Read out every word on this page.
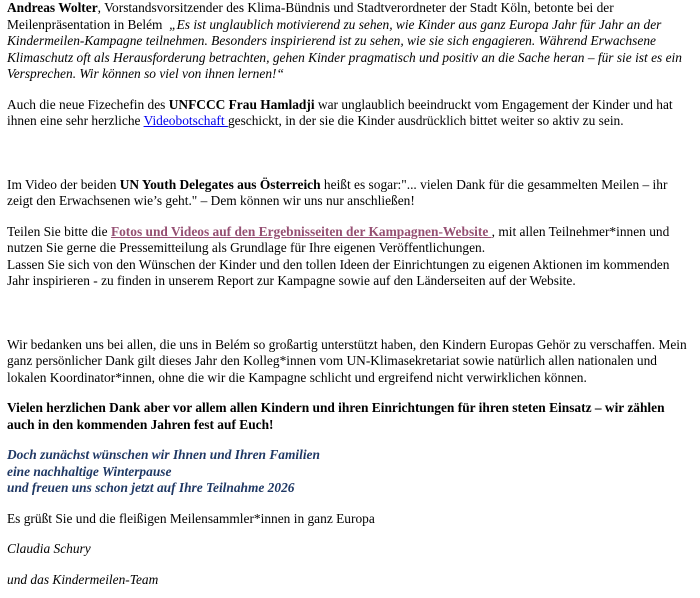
Andreas Wolter, Vorstandsvorsitzender des Klima-Bündnis und Stadtverordneter der Stadt Köln, betonte bei der Meilenpräsentation in Belém  „Es ist unglaublich motivierend zu sehen, wie Kinder aus ganz Europa Jahr für Jahr an der Kindermeilen-Kampagne teilnehmen. Besonders inspirierend ist zu sehen, wie sie sich engagieren. Während Erwachsene Klimaschutz oft als Herausforderung betrachten, gehen Kinder pragmatisch und positiv an die Sache heran – für sie ist es ein Versprechen. Wir können so viel von ihnen lernen!“

Auch die neue Fizechefin des UNFCCC Frau Hamladji war unglaublich beeindruckt vom Engagement der Kinder und hat ihnen eine sehr herzliche Videobotschaft geschickt, in der sie die Kinder ausdrücklich bittet weiter so aktiv zu sein.

Im Video der beiden UN Youth Delegates aus Österreich heißt es sogar:"... vielen Dank für die gesammelten Meilen – ihr zeigt den Erwachsenen wie’s geht." – Dem können wir uns nur anschließen!

Teilen Sie bitte die Fotos und Videos auf den Ergebnisseiten der Kampagnen-Website , mit allen Teilnehmer*innen und nutzen Sie gerne die Pressemitteilung als Grundlage für Ihre eigenen Veröffentlichungen.
Lassen Sie sich von den Wünschen der Kinder und den tollen Ideen der Einrichtungen zu eigenen Aktionen im kommenden Jahr inspirieren - zu finden in unserem Report zur Kampagne sowie auf den Länderseiten auf der Website.

Wir bedanken uns bei allen, die uns in Belém so großartig unterstützt haben, den Kindern Europas Gehör zu verschaffen. Mein ganz persönlicher Dank gilt dieses Jahr den Kolleg*innen vom UN-Klimasekretariat sowie natürlich allen nationalen und lokalen Koordinator*innen, ohne die wir die Kampagne schlicht und ergreifend nicht verwirklichen können.

Vielen herzlichen Dank aber vor allem allen Kindern und ihren Einrichtungen für ihren steten Einsatz – wir zählen auch in den kommenden Jahren fest auf Euch!

Doch zunächst wünschen wir Ihnen und Ihren Familien
eine nachhaltige Winterpause
und freuen uns schon jetzt auf Ihre Teilnahme 2026

Es grüßt Sie und die fleißigen Meilensammler*innen in ganz Europa

Claudia Schury

und das Kindermeilen-Team
